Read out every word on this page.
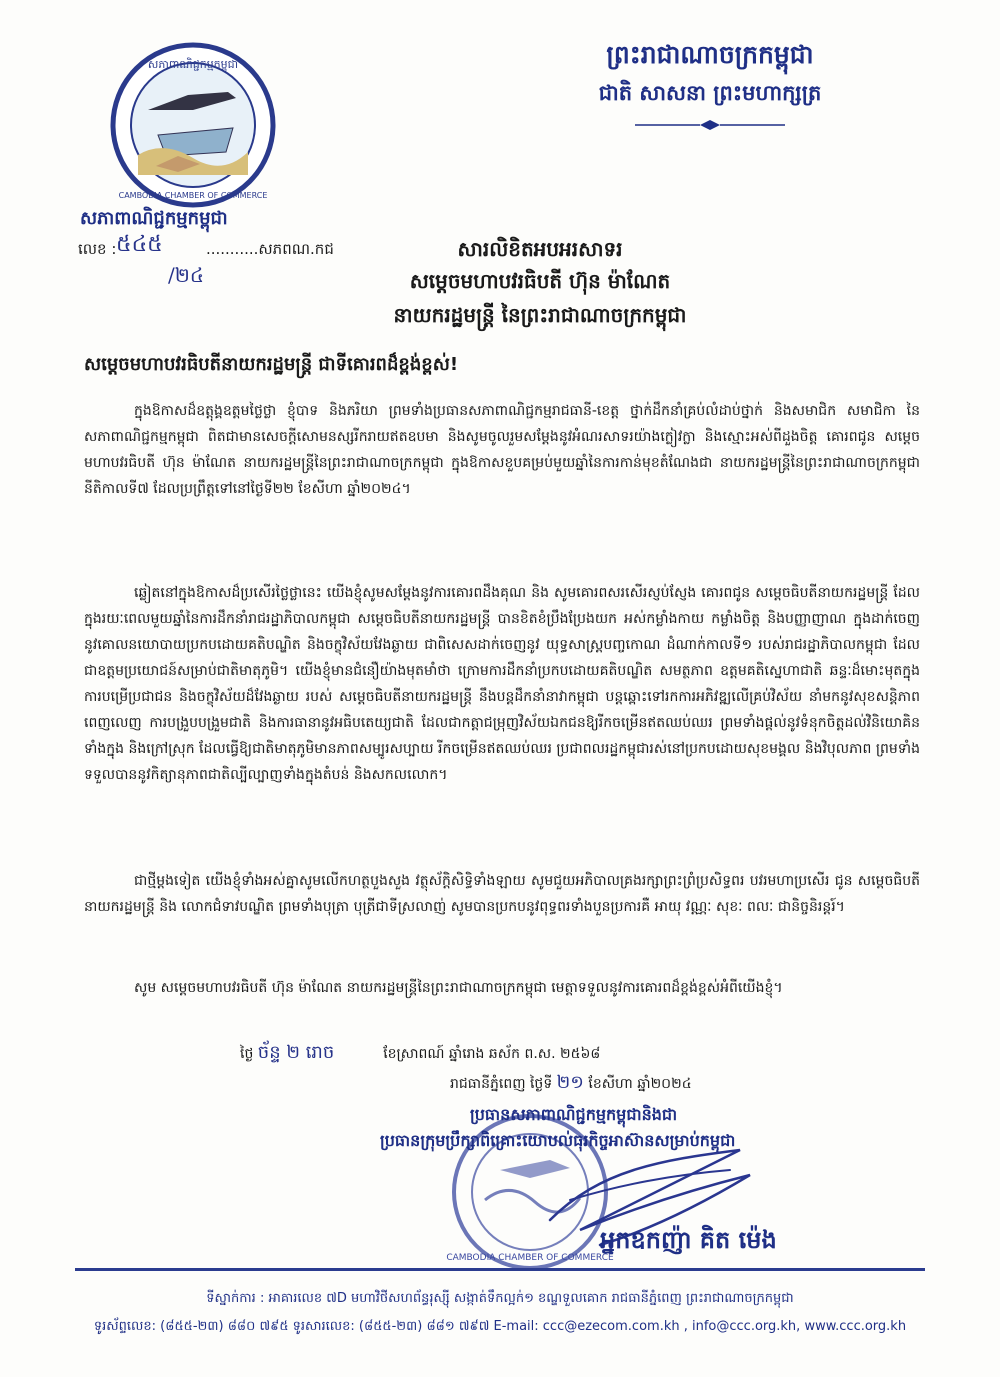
ព្រះរាជាណាចក្រកម្ពុជា
ជាតិ សាសនា ព្រះមហាក្សត្រ
សភាពាណិជ្ជកម្មកម្ពុជា
CAMBODIA CHAMBER OF COMMERCE
សភាពាណិជ្ជកម្មកម្ពុជា
លេខ :	...........សភពណ.កជ
៥៤៥
/២៤
សារលិខិតអបអរសាទរ
សម្ដេចមហាបវរធិបតី ហ៊ុន ម៉ាណែត
នាយករដ្ឋមន្ត្រី នៃព្រះរាជាណាចក្រកម្ពុជា
សម្ដេចមហាបវរធិបតីនាយករដ្ឋមន្ត្រី ជាទីគោរពដ៏ខ្ពង់ខ្ពស់!
ក្នុងឱកាសដ៏ឧត្តុង្គឧត្តមថ្លៃថ្លា ខ្ញុំបាទ និងភរិយា ព្រមទាំងប្រធានសភាពាណិជ្ជកម្មរាជធានី-ខេត្ត ថ្នាក់ដឹកនាំគ្រប់លំដាប់ថ្នាក់ និងសមាជិក សមាជិកា នៃសភាពាណិជ្ជកម្មកម្ពុជា ពិតជាមានសេចក្ដីសោមនស្សរីករាយឥតឧបមា និងសូមចូលរួមសម្ដែងនូវអំណរសាទរយ៉ាងក្លៀវក្លា និងស្មោះអស់ពីដួងចិត្ត គោរពជូន សម្ដេចមហាបវរធិបតី ហ៊ុន ម៉ាណែត នាយករដ្ឋមន្ត្រីនៃព្រះរាជាណាចក្រកម្ពុជា ក្នុងឱកាសខួបគម្រប់មួយឆ្នាំនៃការកាន់មុខតំណែងជា នាយករដ្ឋមន្ត្រីនៃព្រះរាជាណាចក្រកម្ពុជា នីតិកាលទី៧ ដែលប្រព្រឹត្តទៅនៅថ្ងៃទី២២ ខែសីហា ឆ្នាំ២០២៤។
ឆ្លៀតនៅក្នុងឱកាសដ៏ប្រសើរថ្លៃថ្លានេះ យើងខ្ញុំសូមសម្ដែងនូវការគោរពដឹងគុណ និង សូមគោរពសរសើរស្ញប់ស្ញែង គោរពជូន សម្ដេចធិបតីនាយករដ្ឋមន្ត្រី ដែលក្នុងរយៈពេលមួយឆ្នាំនៃការដឹកនាំរាជរដ្ឋាភិបាលកម្ពុជា សម្ដេចធិបតីនាយករដ្ឋមន្ត្រី បានខិតខំប្រឹងប្រែងយក អស់កម្លាំងកាយ កម្លាំងចិត្ត និងបញ្ញាញាណ ក្នុងដាក់ចេញនូវគោលនយោបាយប្រកបដោយគតិបណ្ឌិត និងចក្ខុវិស័យវែងឆ្ងាយ ជាពិសេសដាក់ចេញនូវ យុទ្ធសាស្ត្របញ្ចកោណ ដំណាក់កាលទី១ របស់រាជរដ្ឋាភិបាលកម្ពុជា ដែលជាឧត្តមប្រយោជន៍សម្រាប់ជាតិមាតុភូមិ។ យើងខ្ញុំមានជំនឿយ៉ាងមុតមាំថា ក្រោមការដឹកនាំប្រកបដោយគតិបណ្ឌិត សមត្ថភាព ឧត្តមគតិស្នេហាជាតិ ឆន្ទៈដ៏មោះមុតក្នុងការបម្រើប្រជាជន និងចក្ខុវិស័យដ៏វែងឆ្ងាយ របស់ សម្ដេចធិបតីនាយករដ្ឋមន្ត្រី នឹងបន្តដឹកនាំនាវាកម្ពុជា បន្តឆ្ពោះទៅរកការអភិវឌ្ឍលើគ្រប់វិស័យ នាំមកនូវសុខសន្តិភាពពេញលេញ ការបង្រួបបង្រួមជាតិ និងការធានានូវអធិបតេយ្យជាតិ ដែលជាកត្តាជម្រុញវិស័យឯកជនឱ្យរីកចម្រើនឥតឈប់ឈរ ព្រមទាំងផ្ដល់នូវទំនុកចិត្តដល់វិនិយោគិនទាំងក្នុង និងក្រៅស្រុក ដែលធ្វើឱ្យជាតិមាតុភូមិមានភាពសម្បូរសប្បាយ រីកចម្រើនឥតឈប់ឈរ ប្រជាពលរដ្ឋកម្ពុជារស់នៅប្រកបដោយសុខមង្គល និងវិបុលភាព ព្រមទាំងទទួលបាននូវកិត្យានុភាពជាតិល្បីល្បាញទាំងក្នុងតំបន់ និងសកលលោក។
ជាថ្មីម្ដងទៀត យើងខ្ញុំទាំងអស់គ្នាសូមលើកហត្ថបួងសួង វត្ថុស័ក្ដិសិទ្ធិទាំងឡាយ សូមជួយអភិបាលគ្រងរក្សាព្រះព្រំប្រសិទ្ធពរ បវរមហាប្រសើរ ជូន សម្ដេចធិបតីនាយករដ្ឋមន្ត្រី និង លោកជំទាវបណ្ឌិត ព្រមទាំងបុត្រា បុត្រីជាទីស្រលាញ់ សូមបានប្រកបនូវពុទ្ធពរទាំងបួនប្រការគឺ អាយុ វណ្ណៈ សុខៈ ពលៈ ជានិច្ចនិរន្ដរ៍។
សូម សម្ដេចមហាបវរធិបតី ហ៊ុន ម៉ាណែត នាយករដ្ឋមន្ត្រីនៃព្រះរាជាណាចក្រកម្ពុជា មេត្តាទទួលនូវការគោរពដ៏ខ្ពង់ខ្ពស់អំពីយើងខ្ញុំ។
ថ្ងៃ ច័ន្ទ ២ រោច	ខែស្រាពណ៍ ឆ្នាំរោង ឆស័ក ព.ស. ២៥៦៨
រាជធានីភ្នំពេញ ថ្ងៃទី ២១ ខែសីហា ឆ្នាំ២០២៤
CAMBODIA CHAMBER OF COMMERCE
ប្រធានសភាពាណិជ្ជកម្មកម្ពុជានិងជា
ប្រធានក្រុមប្រឹក្សាពិគ្រោះយោបល់ធុរកិច្ចអាស៊ានសម្រាប់កម្ពុជា
អ្នកឧកញ៉ា គិត ម៉េង
ទីស្នាក់ការ : អាគារលេខ ៧D មហាវិថីសហព័ន្ធរុស្ស៊ី សង្កាត់ទឹកល្អក់១ ខណ្ឌទួលគោក រាជធានីភ្នំពេញ ព្រះរាជាណាចក្រកម្ពុជា
ទូរស័ព្ទលេខ: (៨៥៥-២៣) ៨៨០ ៧៩៥ ទូរសារលេខ: (៨៥៥-២៣) ៨៨១ ៧៩៧ E-mail: ccc@ezecom.com.kh , info@ccc.org.kh, www.ccc.org.kh
